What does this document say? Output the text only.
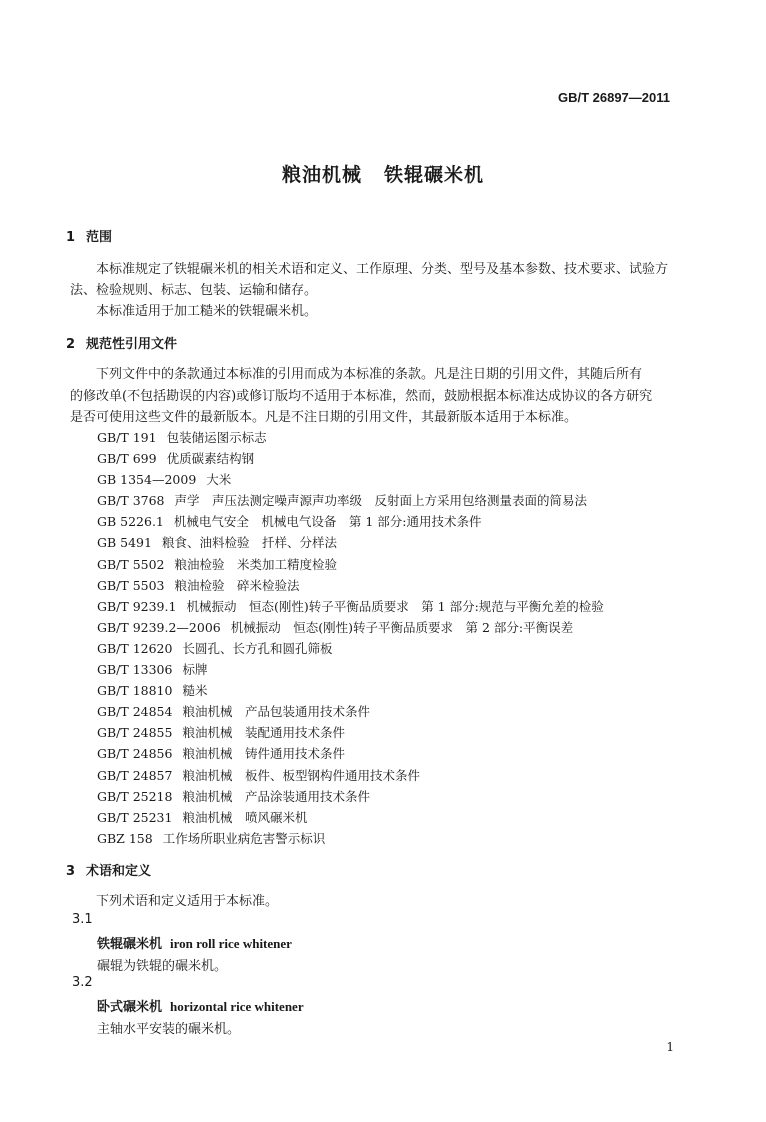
GB/T 26897—2011
粮油机械 铁辊碾米机
1 范围
本标准规定了铁辊碾米机的相关术语和定义、工作原理、分类、型号及基本参数、技术要求、试验方
法、检验规则、标志、包装、运输和储存。
本标准适用于加工糙米的铁辊碾米机。
2 规范性引用文件
下列文件中的条款通过本标准的引用而成为本标准的条款。凡是注日期的引用文件，其随后所有
的修改单(不包括勘误的内容)或修订版均不适用于本标准，然而，鼓励根据本标准达成协议的各方研究
是否可使用这些文件的最新版本。凡是不注日期的引用文件，其最新版本适用于本标准。
GB/T 191 包装储运图示标志
GB/T 699 优质碳素结构钢
GB 1354—2009 大米
GB/T 3768 声学　声压法测定噪声源声功率级　反射面上方采用包络测量表面的简易法
GB 5226.1 机械电气安全　机械电气设备　第 1 部分:通用技术条件
GB 5491 粮食、油料检验　扦样、分样法
GB/T 5502 粮油检验　米类加工精度检验
GB/T 5503 粮油检验　碎米检验法
GB/T 9239.1 机械振动　恒态(刚性)转子平衡品质要求　第 1 部分:规范与平衡允差的检验
GB/T 9239.2—2006 机械振动　恒态(刚性)转子平衡品质要求　第 2 部分:平衡误差
GB/T 12620 长圆孔、长方孔和圆孔筛板
GB/T 13306 标牌
GB/T 18810 糙米
GB/T 24854 粮油机械　产品包装通用技术条件
GB/T 24855 粮油机械　装配通用技术条件
GB/T 24856 粮油机械　铸件通用技术条件
GB/T 24857 粮油机械　板件、板型钢构件通用技术条件
GB/T 25218 粮油机械　产品涂装通用技术条件
GB/T 25231 粮油机械　喷风碾米机
GBZ 158 工作场所职业病危害警示标识
3 术语和定义
下列术语和定义适用于本标准。
3.1
铁辊碾米机 iron roll rice whitener
碾辊为铁辊的碾米机。
3.2
卧式碾米机 horizontal rice whitener
主轴水平安装的碾米机。
1
